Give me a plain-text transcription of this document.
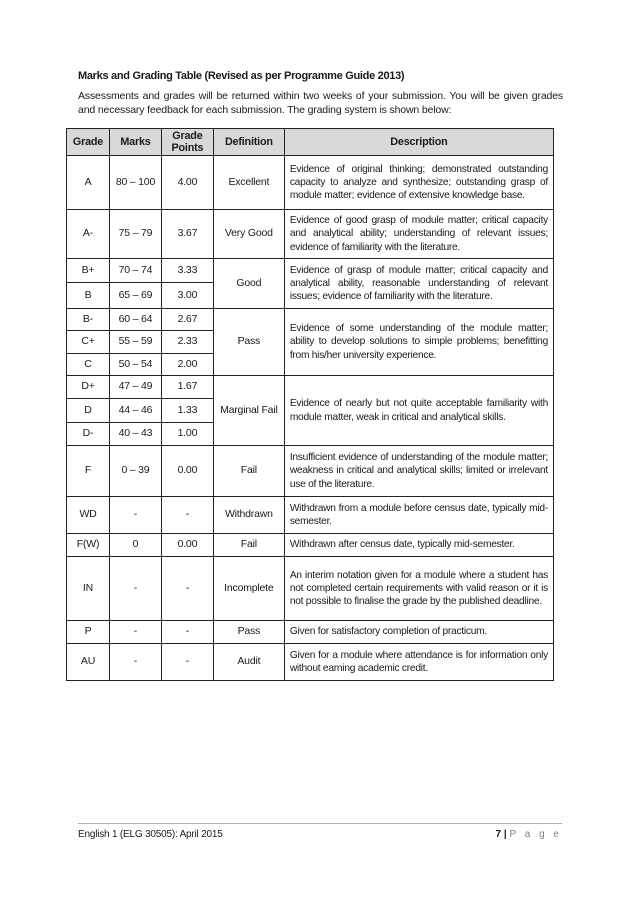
Marks and Grading Table (Revised as per Programme Guide 2013)
Assessments and grades will be returned within two weeks of your submission. You will be given grades and necessary feedback for each submission. The grading system is shown below:
Grade	Marks	Grade Points	Definition	Description
A	80 – 100	4.00	Excellent	Evidence of original thinking; demonstrated outstanding capacity to analyze and synthesize; outstanding grasp of module matter; evidence of extensive knowledge base.
A-	75 – 79	3.67	Very Good	Evidence of good grasp of module matter; critical capacity and analytical ability; understanding of relevant issues; evidence of familiarity with the literature.
B+	70 – 74	3.33	Good	Evidence of grasp of module matter; critical capacity and analytical ability, reasonable understanding of relevant issues; evidence of familiarity with the literature.
B	65 – 69	3.00		
B-	60 – 64	2.67	Pass	Evidence of some understanding of the module matter; ability to develop solutions to simple problems; benefitting from his/her university experience.
C+	55 – 59	2.33		
C	50 – 54	2.00		
D+	47 – 49	1.67	Marginal Fail	Evidence of nearly but not quite acceptable familiarity with module matter, weak in critical and analytical skills.
D	44 – 46	1.33		
D-	40 – 43	1.00		
F	0 – 39	0.00	Fail	Insufficient evidence of understanding of the module matter; weakness in critical and analytical skills; limited or irrelevant use of the literature.
WD	-	-	Withdrawn	Withdrawn from a module before census date, typically mid-semester.
F(W)	0	0.00	Fail	Withdrawn after census date, typically mid-semester.
IN	-	-	Incomplete	An interim notation given for a module where a student has not completed certain requirements with valid reason or it is not possible to finalise the grade by the published deadline.
P	-	-	Pass	Given for satisfactory completion of practicum.
AU	-	-	Audit	Given for a module where attendance is for information only without earning academic credit.
English 1 (ELG 30505): April 2015	7 | P a g e
